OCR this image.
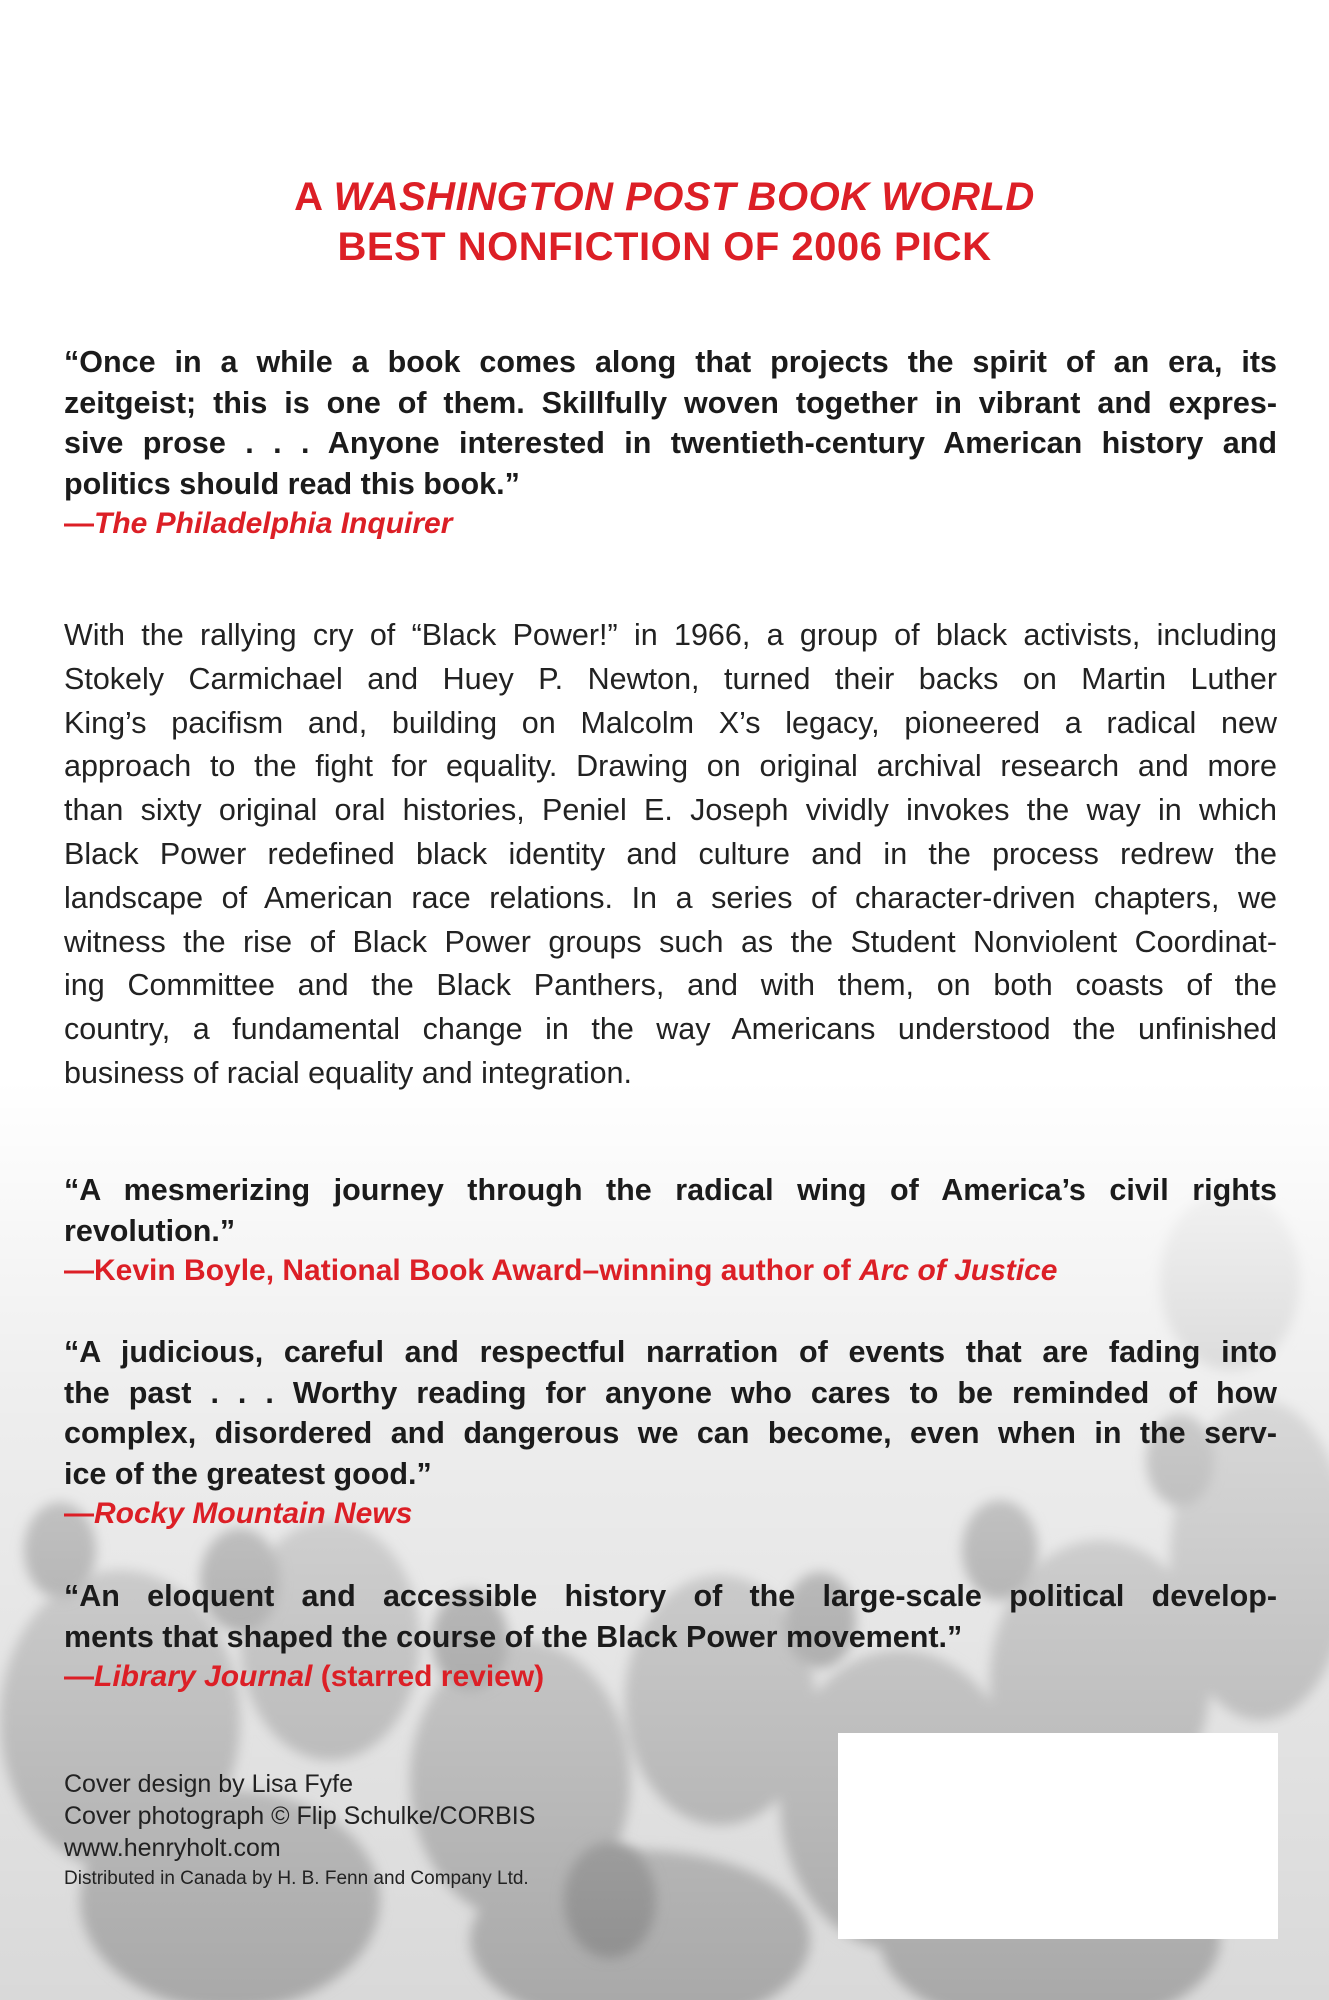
A WASHINGTON POST BOOK WORLD
BEST NONFICTION OF 2006 PICK
“Once in a while a book comes along that projects the spirit of an era, its
zeitgeist; this is one of them. Skillfully woven together in vibrant and expres-
sive prose . . . Anyone interested in twentieth-century American history and
politics should read this book.”
—The Philadelphia Inquirer
With the rallying cry of “Black Power!” in 1966, a group of black activists, including
Stokely Carmichael and Huey P. Newton, turned their backs on Martin Luther
King’s pacifism and, building on Malcolm X’s legacy, pioneered a radical new
approach to the fight for equality. Drawing on original archival research and more
than sixty original oral histories, Peniel E. Joseph vividly invokes the way in which
Black Power redefined black identity and culture and in the process redrew the
landscape of American race relations. In a series of character-driven chapters, we
witness the rise of Black Power groups such as the Student Nonviolent Coordinat-
ing Committee and the Black Panthers, and with them, on both coasts of the
country, a fundamental change in the way Americans understood the unfinished
business of racial equality and integration.
“A mesmerizing journey through the radical wing of America’s civil rights
revolution.”
—Kevin Boyle, National Book Award–winning author of Arc of Justice
“A judicious, careful and respectful narration of events that are fading into
the past . . . Worthy reading for anyone who cares to be reminded of how
complex, disordered and dangerous we can become, even when in the serv-
ice of the greatest good.”
—Rocky Mountain News
“An eloquent and accessible history of the large-scale political develop-
ments that shaped the course of the Black Power movement.”
—Library Journal (starred review)
Cover design by Lisa Fyfe
Cover photograph © Flip Schulke/CORBIS
www.henryholt.com
Distributed in Canada by H. B. Fenn and Company Ltd.
